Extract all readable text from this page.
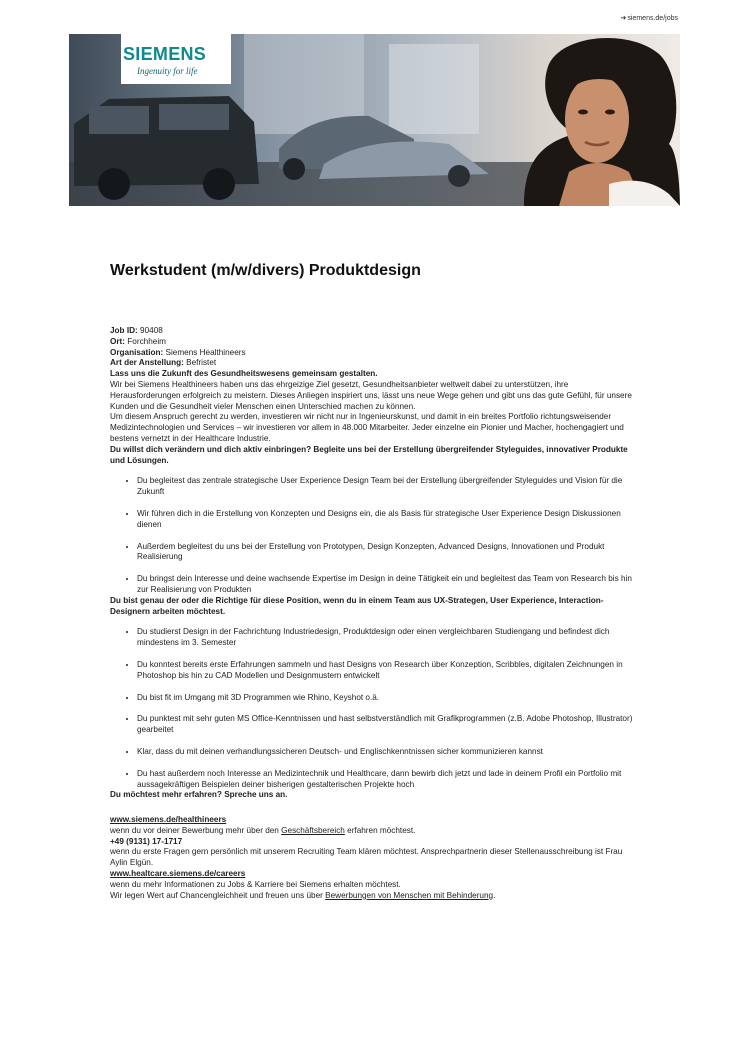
➜siemens.de/jobs
SIEMENS
Ingenuity for life
Werkstudent (m/w/divers) Produktdesign

Job ID: 90408

Ort: Forchheim

Organisation: Siemens Healthineers

Art der Anstellung: Befristet

Lass uns die Zukunft des Gesundheitswesens gemeinsam gestalten.

Wir bei Siemens Healthineers haben uns das ehrgeizige Ziel gesetzt, Gesundheitsanbieter weltweit dabei zu unterstützen, ihre Herausforderungen erfolgreich zu meistern. Dieses Anliegen inspiriert uns, lässt uns neue Wege gehen und gibt uns das gute Gefühl, für unsere Kunden und die Gesundheit vieler Menschen einen Unterschied machen zu können.

Um diesem Anspruch gerecht zu werden, investieren wir nicht nur in Ingenieurskunst, und damit in ein breites Portfolio richtungsweisender Medizintechnologien und Services – wir investieren vor allem in 48.000 Mitarbeiter. Jeder einzelne ein Pionier und Macher, hochengagiert und bestens vernetzt in der Healthcare Industrie.

Du willst dich verändern und dich aktiv einbringen? Begleite uns bei der Erstellung übergreifender Styleguides, innovativer Produkte und Lösungen.

• Du begleitest das zentrale strategische User Experience Design Team bei der Erstellung übergreifender Styleguides und Vision für die Zukunft
• Wir führen dich in die Erstellung von Konzepten und Designs ein, die als Basis für strategische User Experience Design Diskussionen dienen
• Außerdem begleitest du uns bei der Erstellung von Prototypen, Design Konzepten, Advanced Designs, Innovationen und Produkt Realisierung
• Du bringst dein Interesse und deine wachsende Expertise im Design in deine Tätigkeit ein und begleitest das Team von Research bis hin zur Realisierung von Produkten

Du bist genau der oder die Richtige für diese Position, wenn du in einem Team aus UX-Strategen, User Experience, Interaction-Designern arbeiten möchtest.

• Du studierst Design in der Fachrichtung Industriedesign, Produktdesign oder einen vergleichbaren Studiengang und befindest dich mindestens im 3. Semester
• Du konntest bereits erste Erfahrungen sammeln und hast Designs von Research über Konzeption, Scribbles, digitalen Zeichnungen in Photoshop bis hin zu CAD Modellen und Designmustern entwickelt
• Du bist fit im Umgang mit 3D Programmen wie Rhino, Keyshot o.ä.
• Du punktest mit sehr guten MS Office-Kenntnissen und hast selbstverständlich mit Grafikprogrammen (z.B. Adobe Photoshop, Illustrator) gearbeitet
• Klar, dass du mit deinen verhandlungssicheren Deutsch- und Englischkenntnissen sicher kommunizieren kannst
• Du hast außerdem noch Interesse an Medizintechnik und Healthcare, dann bewirb dich jetzt und lade in deinem Profil ein Portfolio mit aussagekräftigen Beispielen deiner bisherigen gestalterischen Projekte hoch

Du möchtest mehr erfahren? Spreche uns an.

www.siemens.de/healthineers

wenn du vor deiner Bewerbung mehr über den Geschäftsbereich erfahren möchtest.

+49 (9131) 17-1717

wenn du erste Fragen gern persönlich mit unserem Recruiting Team klären möchtest. Ansprechpartnerin dieser Stellenausschreibung ist Frau Aylin Elgün.

www.healtcare.siemens.de/careers

wenn du mehr Informationen zu Jobs & Karriere bei Siemens erhalten möchtest.

Wir legen Wert auf Chancengleichheit und freuen uns über Bewerbungen von Menschen mit Behinderung.
